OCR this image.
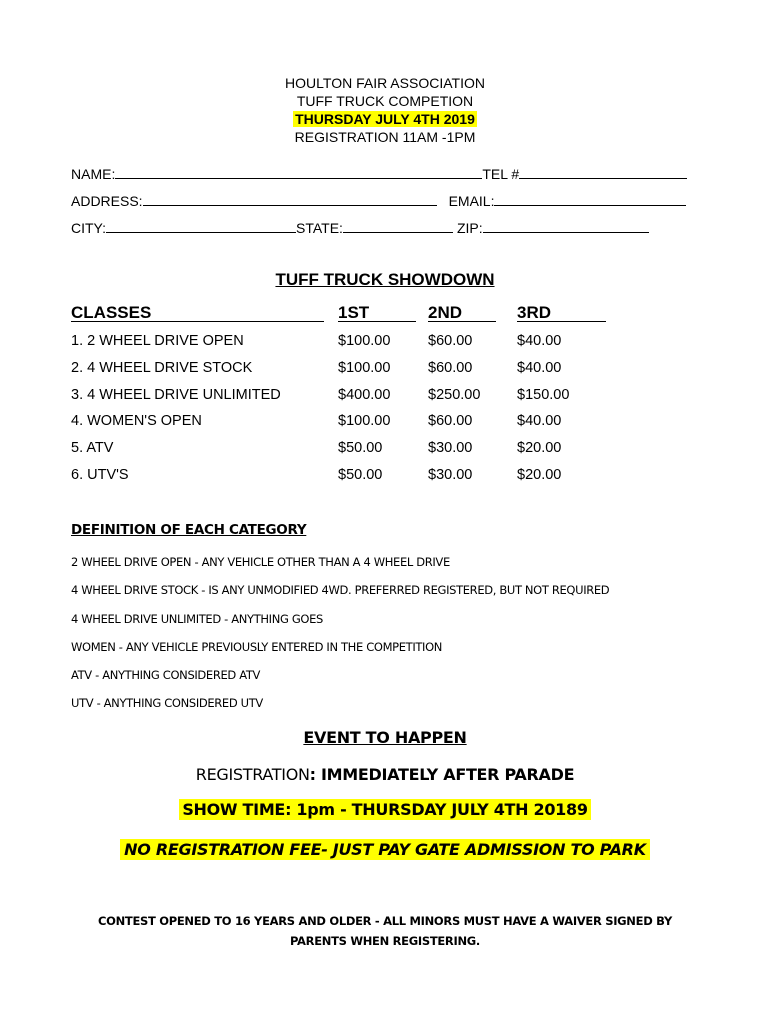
HOULTON FAIR ASSOCIATION
TUFF TRUCK COMPETION
THURSDAY JULY 4TH 2019
REGISTRATION 11AM -1PM
NAME:	TEL #
ADDRESS:	EMAIL:
CITY:	STATE:	ZIP:
TUFF TRUCK SHOWDOWN
CLASSES	1ST	2ND	3RD
1. 2 WHEEL DRIVE OPEN	$100.00	$60.00	$40.00
2. 4 WHEEL DRIVE STOCK	$100.00	$60.00	$40.00
3. 4 WHEEL DRIVE UNLIMITED	$400.00	$250.00	$150.00
4. WOMEN'S OPEN	$100.00	$60.00	$40.00
5. ATV	$50.00	$30.00	$20.00
6. UTV'S	$50.00	$30.00	$20.00
DEFINITION OF EACH CATEGORY
2 WHEEL DRIVE OPEN - ANY VEHICLE OTHER THAN A 4 WHEEL DRIVE
4 WHEEL DRIVE STOCK - IS ANY UNMODIFIED 4WD. PREFERRED REGISTERED, BUT NOT REQUIRED
4 WHEEL DRIVE UNLIMITED - ANYTHING GOES
WOMEN - ANY VEHICLE PREVIOUSLY ENTERED IN THE COMPETITION
ATV - ANYTHING CONSIDERED ATV
UTV - ANYTHING CONSIDERED UTV
EVENT TO HAPPEN
REGISTRATION: IMMEDIATELY AFTER PARADE
SHOW TIME: 1pm - THURSDAY JULY 4TH 20189
NO REGISTRATION FEE- JUST PAY GATE ADMISSION TO PARK
CONTEST OPENED TO 16 YEARS AND OLDER - ALL MINORS MUST HAVE A WAIVER SIGNED BY
PARENTS WHEN REGISTERING.
